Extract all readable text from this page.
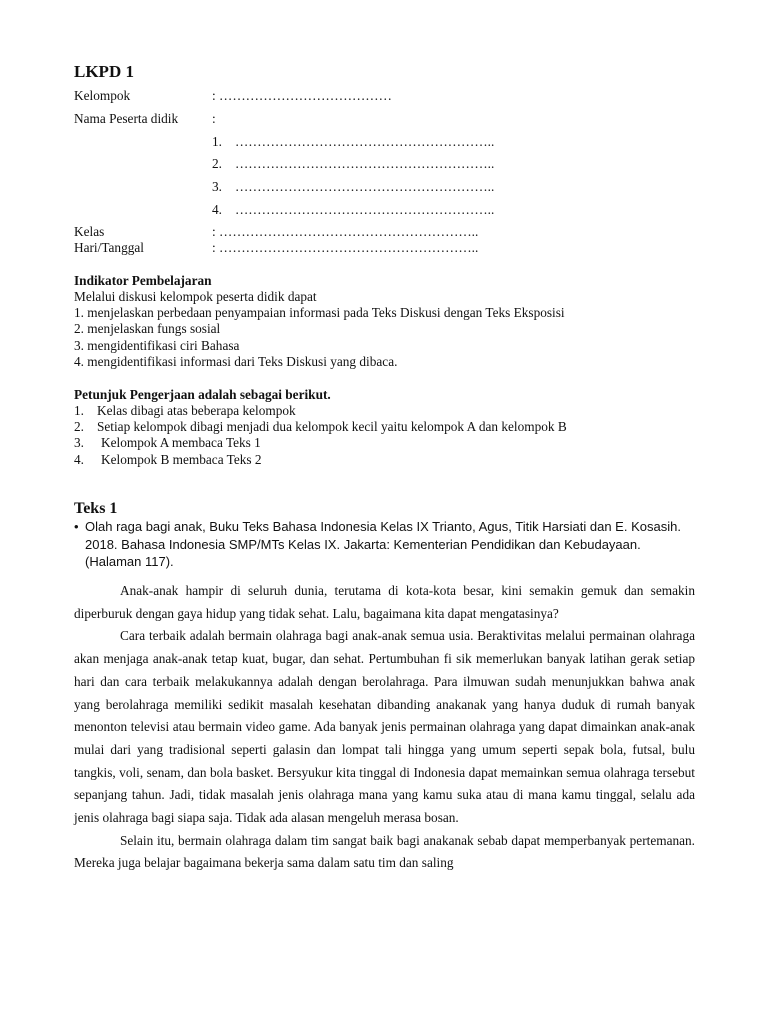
LKPD 1
Kelompok	: …………………………………
Nama Peserta didik	:
1. …………………………………………………..
2. …………………………………………………..
3. …………………………………………………..
4. …………………………………………………..
Kelas	: …………………………………………………..
Hari/Tanggal	: …………………………………………………..
Indikator Pembelajaran
Melalui diskusi kelompok peserta didik dapat
1. menjelaskan perbedaan penyampaian informasi pada Teks Diskusi dengan Teks Eksposisi
2. menjelaskan fungs sosial
3. mengidentifikasi ciri Bahasa
4. mengidentifikasi informasi dari Teks Diskusi yang dibaca.
Petunjuk Pengerjaan adalah sebagai berikut.
1. Kelas dibagi atas beberapa kelompok
2. Setiap kelompok dibagi menjadi dua kelompok kecil yaitu kelompok A dan kelompok B
3. Kelompok A membaca Teks 1
4. Kelompok B membaca Teks 2
Teks 1
• Olah raga bagi anak, Buku Teks Bahasa Indonesia Kelas IX Trianto, Agus, Titik Harsiati dan E. Kosasih. 2018. Bahasa Indonesia SMP/MTs Kelas IX. Jakarta: Kementerian Pendidikan dan Kebudayaan. (Halaman 117).

Anak-anak hampir di seluruh dunia, terutama di kota-kota besar, kini semakin gemuk dan semakin diperburuk dengan gaya hidup yang tidak sehat. Lalu, bagaimana kita dapat mengatasinya?

Cara terbaik adalah bermain olahraga bagi anak-anak semua usia. Beraktivitas melalui permainan olahraga akan menjaga anak-anak tetap kuat, bugar, dan sehat. Pertumbuhan fi sik memerlukan banyak latihan gerak setiap hari dan cara terbaik melakukannya adalah dengan berolahraga. Para ilmuwan sudah menunjukkan bahwa anak yang berolahraga memiliki sedikit masalah kesehatan dibanding anakanak yang hanya duduk di rumah banyak menonton televisi atau bermain video game. Ada banyak jenis permainan olahraga yang dapat dimainkan anak-anak mulai dari yang tradisional seperti galasin dan lompat tali hingga yang umum seperti sepak bola, futsal, bulu tangkis, voli, senam, dan bola basket. Bersyukur kita tinggal di Indonesia dapat memainkan semua olahraga tersebut sepanjang tahun. Jadi, tidak masalah jenis olahraga mana yang kamu suka atau di mana kamu tinggal, selalu ada jenis olahraga bagi siapa saja. Tidak ada alasan mengeluh merasa bosan.

Selain itu, bermain olahraga dalam tim sangat baik bagi anakanak sebab dapat memperbanyak pertemanan. Mereka juga belajar bagaimana bekerja sama dalam satu tim dan saling
